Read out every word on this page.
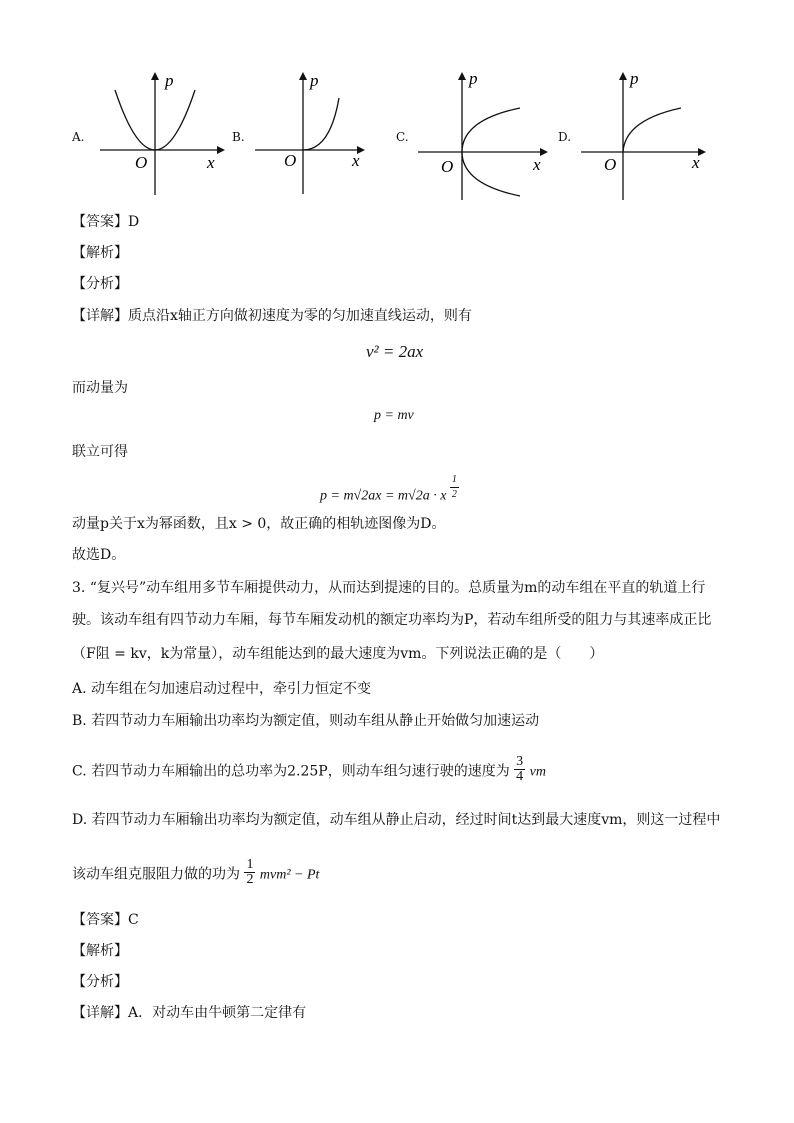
A.
p
x
O
B.
p
x
O
C.
p
x
O
D.
p
x
O
【答案】D
【解析】
【分析】
【详解】质点沿x轴正方向做初速度为零的匀加速直线运动，则有
v² = 2ax
而动量为
p = mv
联立可得
p = m√2ax = m√2a · x $\frac{1}{2}$
动量p关于x为幂函数，且x > 0，故正确的相轨迹图像为D。
故选D。
3. “复兴号”动车组用多节车厢提供动力，从而达到提速的目的。总质量为m的动车组在平直的轨道上行
驶。该动车组有四节动力车厢，每节车厢发动机的额定功率均为P，若动车组所受的阻力与其速率成正比
（F阻 = kv，k为常量），动车组能达到的最大速度为vm。下列说法正确的是（　　）
A. 动车组在匀加速启动过程中，牵引力恒定不变
B. 若四节动力车厢输出功率均为额定值，则动车组从静止开始做匀加速运动
C. 若四节动力车厢输出的总功率为2.25P，则动车组匀速行驶的速度为 $\frac{3}{4}$ vm
D. 若四节动力车厢输出功率均为额定值，动车组从静止启动，经过时间t达到最大速度vm，则这一过程中
该动车组克服阻力做的功为 $\frac{1}{2} mvm^2 - Pt$
【答案】C
【解析】
【分析】
【详解】A．对动车由牛顿第二定律有
